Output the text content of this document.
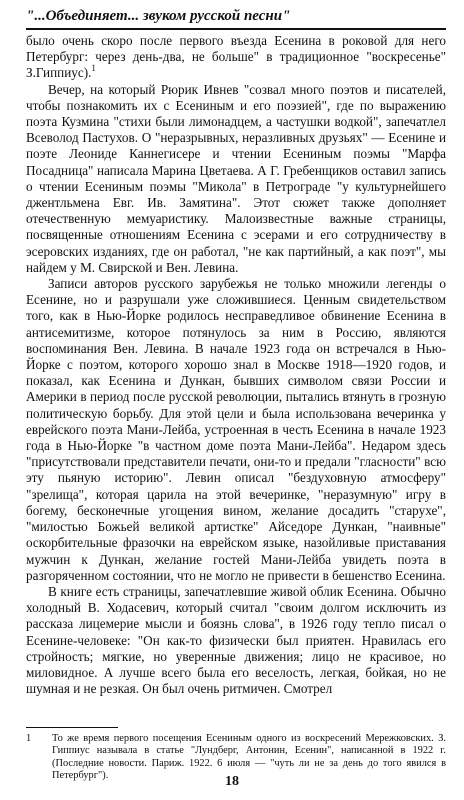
"...Объединяет... звуком русской песни"

было очень скоро после первого въезда Есенина в роковой для него Петербург: через день-два, не больше" в традиционное "воскресенье" З.Гиппиус).$^1$

Вечер, на который Рюрик Ивнев "созвал много поэтов и писателей, чтобы познакомить их с Есениным и его поэзией", где по выражению поэта Кузмина "стихи были лимонадцем, а частушки водкой", запечатлел Всеволод Пастухов. О "неразрывных, неразливных друзьях" — Есенине и поэте Леониде Каннегисере и чтении Есениным поэмы "Марфа Посадница" написала Марина Цветаева. А Г. Гребенщиков оставил запись о чтении Есениным поэмы "Микола" в Петрограде "у культурнейшего джентльмена Евг. Ив. Замятина". Этот сюжет также дополняет отечественную мемуаристику. Малоизвестные важные страницы, посвященные отношениям Есенина с эсерами и его сотрудничеству в эсеровских изданиях, где он работал, "не как партийный, а как поэт", мы найдем у М. Свирской и Вен. Левина.

Записи авторов русского зарубежья не только множили легенды о Есенине, но и разрушали уже сложившиеся. Ценным свидетельством того, как в Нью-Йорке родилось несправедливое обвинение Есенина в антисемитизме, которое потянулось за ним в Россию, являются воспоминания Вен. Левина. В начале 1923 года он встречался в Нью-Йорке с поэтом, которого хорошо знал в Москве 1918—1920 годов, и показал, как Есенина и Дункан, бывших символом связи России и Америки в период после русской революции, пытались втянуть в грозную политическую борьбу. Для этой цели и была использована вечеринка у еврейского поэта Мани-Лейба, устроенная в честь Есенина в начале 1923 года в Нью-Йорке "в частном доме поэта Мани-Лейба". Недаром здесь "присутствовали представители печати, они-то и предали "гласности" всю эту пьяную историю". Левин описал "бездуховную атмосферу" "зрелища", которая царила на этой вечеринке, "неразумную" игру в богему, бесконечные угощения вином, желание досадить "старухе", "милостью Божьей великой артистке" Айседоре Дункан, "наивные" оскорбительные фразочки на еврейском языке, назойливые приставания мужчин к Дункан, желание гостей Мани-Лейба увидеть поэта в разгоряченном состоянии, что не могло не привести в бешенство Есенина.

В книге есть страницы, запечатлевшие живой облик Есенина. Обычно холодный В. Ходасевич, который считал "своим долгом исключить из рассказа лицемерие мысли и боязнь слова", в 1926 году тепло писал о Есенине-человеке: "Он как-то физически был приятен. Нравилась его стройность; мягкие, но уверенные движения; лицо не красивое, но миловидное. А лучше всего была его веселость, легкая, бойкая, но не шумная и не резкая. Он был очень ритмичен. Смотрел

1 То же время первого посещения Есениным одного из воскресений Мережковских. З. Гиппиус называла в статье "Лундберг, Антонин, Есенин", написанной в 1922 г. (Последние новости. Париж. 1922. 6 июля — "чуть ли не за день до того явился в Петербург").	18
